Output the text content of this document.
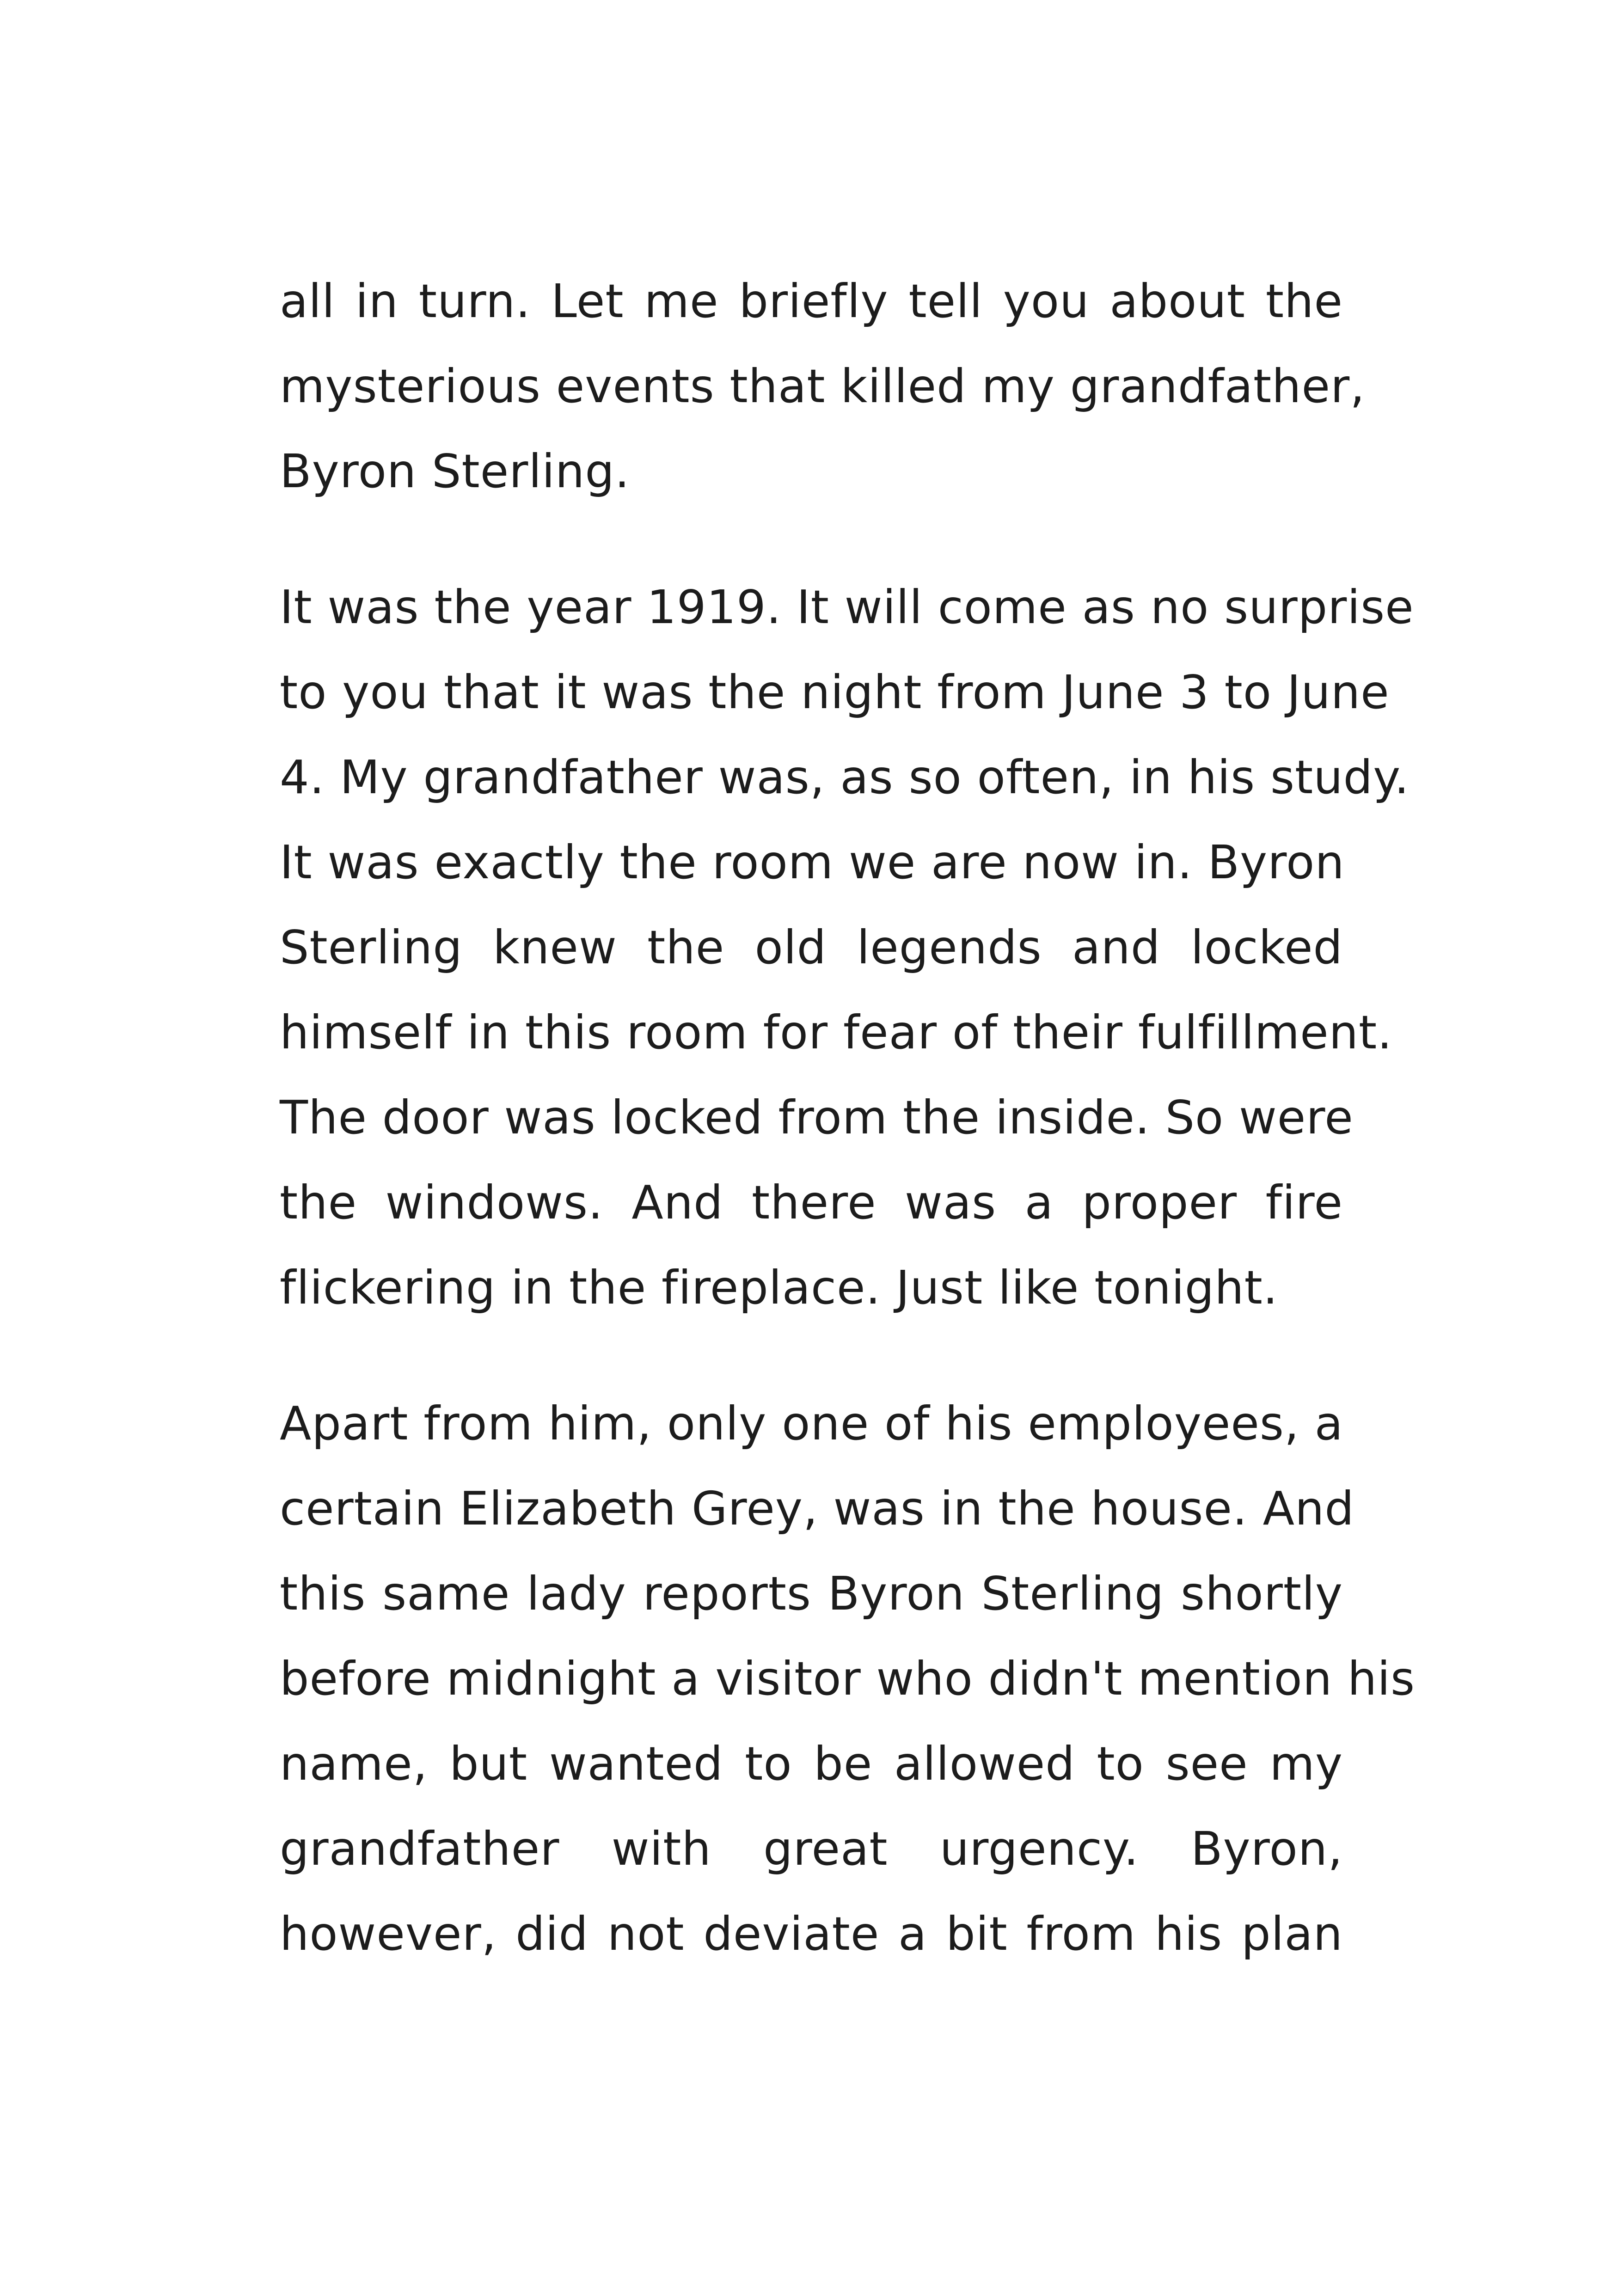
all in turn. Let me briefly tell you about the
mysterious events that killed my grandfather,
Byron Sterling.
It was the year 1919. It will come as no surprise
to you that it was the night from June 3 to June
4. My grandfather was, as so often, in his study.
It was exactly the room we are now in. Byron
Sterling knew the old legends and locked
himself in this room for fear of their fulfillment.
The door was locked from the inside. So were
the windows. And there was a proper fire
flickering in the fireplace. Just like tonight.
Apart from him, only one of his employees, a
certain Elizabeth Grey, was in the house. And
this same lady reports Byron Sterling shortly
before midnight a visitor who didn't mention his
name, but wanted to be allowed to see my
grandfather with great urgency. Byron,
however, did not deviate a bit from his plan
